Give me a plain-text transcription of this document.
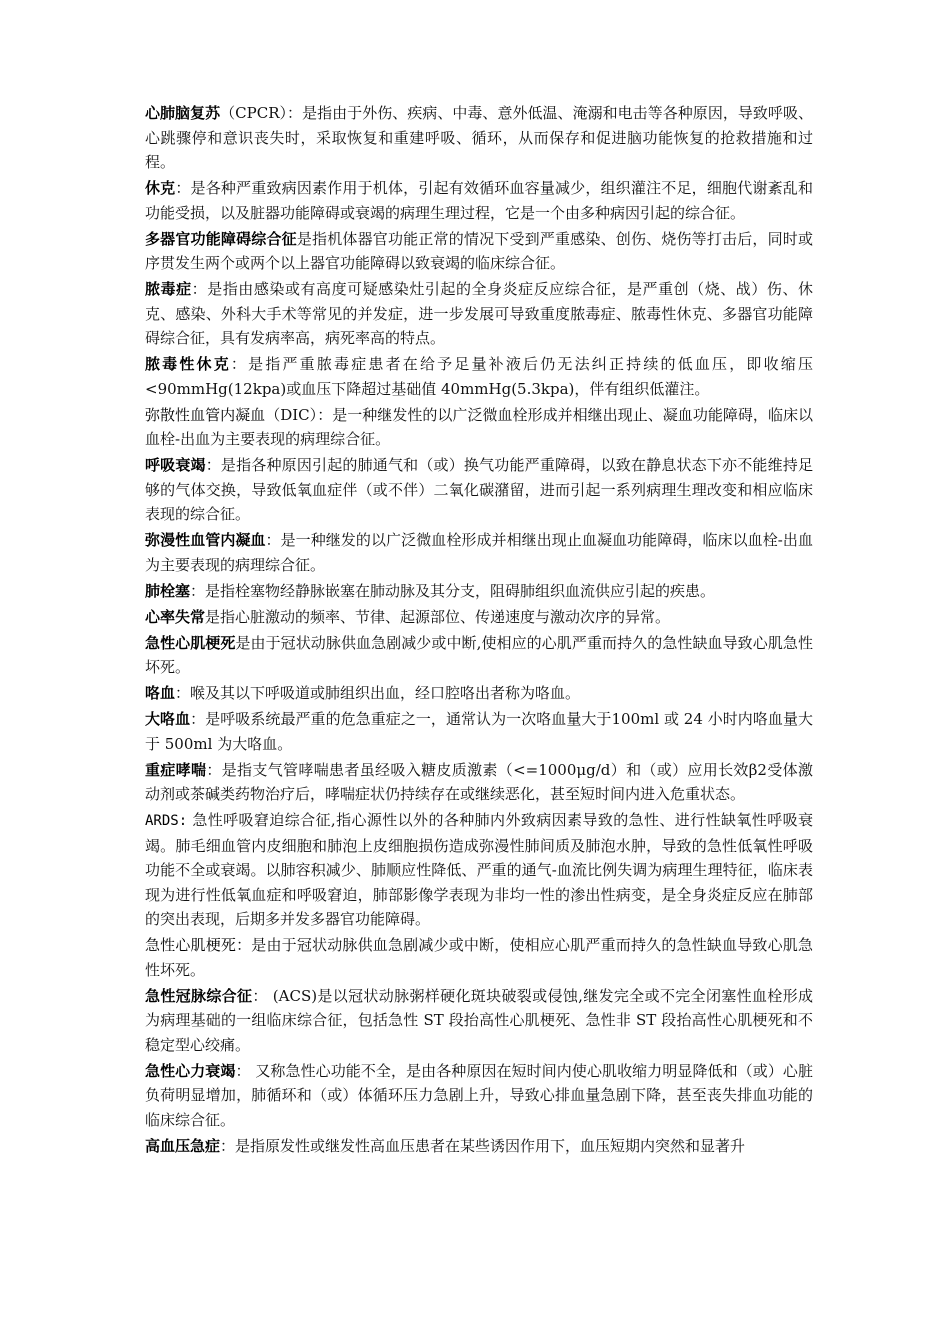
心肺脑复苏（CPCR）：是指由于外伤、疾病、中毒、意外低温、淹溺和电击等各种原因，导致呼吸、心跳骤停和意识丧失时，采取恢复和重建呼吸、循环，从而保存和促进脑功能恢复的抢救措施和过程。

休克：是各种严重致病因素作用于机体，引起有效循环血容量减少，组织灌注不足，细胞代谢紊乱和功能受损，以及脏器功能障碍或衰竭的病理生理过程，它是一个由多种病因引起的综合征。

多器官功能障碍综合征是指机体器官功能正常的情况下受到严重感染、创伤、烧伤等打击后，同时或序贯发生两个或两个以上器官功能障碍以致衰竭的临床综合征。

脓毒症：是指由感染或有高度可疑感染灶引起的全身炎症反应综合征，是严重创（烧、战）伤、休克、感染、外科大手术等常见的并发症，进一步发展可导致重度脓毒症、脓毒性休克、多器官功能障碍综合征，具有发病率高，病死率高的特点。

脓毒性休克：是指严重脓毒症患者在给予足量补液后仍无法纠正持续的低血压，即收缩压<90mmHg(12kpa)或血压下降超过基础值 40mmHg(5.3kpa)，伴有组织低灌注。

弥散性血管内凝血（DIC）：是一种继发性的以广泛微血栓形成并相继出现止、凝血功能障碍，临床以血栓-出血为主要表现的病理综合征。

呼吸衰竭：是指各种原因引起的肺通气和（或）换气功能严重障碍，以致在静息状态下亦不能维持足够的气体交换，导致低氧血症伴（或不伴）二氧化碳潴留，进而引起一系列病理生理改变和相应临床表现的综合征。

弥漫性血管内凝血：是一种继发的以广泛微血栓形成并相继出现止血凝血功能障碍，临床以血栓-出血为主要表现的病理综合征。

肺栓塞：是指栓塞物经静脉嵌塞在肺动脉及其分支，阻碍肺组织血流供应引起的疾患。

心率失常是指心脏激动的频率、节律、起源部位、传递速度与激动次序的异常。

急性心肌梗死是由于冠状动脉供血急剧减少或中断,使相应的心肌严重而持久的急性缺血导致心肌急性坏死。

咯血：喉及其以下呼吸道或肺组织出血，经口腔咯出者称为咯血。

大咯血：是呼吸系统最严重的危急重症之一，通常认为一次咯血量大于100ml 或 24 小时内咯血量大于 500ml 为大咯血。

重症哮喘：是指支气管哮喘患者虽经吸入糖皮质激素（<=1000μg/d）和（或）应用长效β2受体激动剂或茶碱类药物治疗后，哮喘症状仍持续存在或继续恶化，甚至短时间内进入危重状态。

ARDS: 急性呼吸窘迫综合征,指心源性以外的各种肺内外致病因素导致的急性、进行性缺氧性呼吸衰竭。肺毛细血管内皮细胞和肺泡上皮细胞损伤造成弥漫性肺间质及肺泡水肿，导致的急性低氧性呼吸功能不全或衰竭。以肺容积减少、肺顺应性降低、严重的通气-血流比例失调为病理生理特征，临床表现为进行性低氧血症和呼吸窘迫，肺部影像学表现为非均一性的渗出性病变，是全身炎症反应在肺部的突出表现，后期多并发多器官功能障碍。

急性心肌梗死：是由于冠状动脉供血急剧减少或中断，使相应心肌严重而持久的急性缺血导致心肌急性坏死。

急性冠脉综合征： (ACS)是以冠状动脉粥样硬化斑块破裂或侵蚀,继发完全或不完全闭塞性血栓形成为病理基础的一组临床综合征，包括急性 ST 段抬高性心肌梗死、急性非 ST 段抬高性心肌梗死和不稳定型心绞痛。

急性心力衰竭： 又称急性心功能不全，是由各种原因在短时间内使心肌收缩力明显降低和（或）心脏负荷明显增加，肺循环和（或）体循环压力急剧上升，导致心排血量急剧下降，甚至丧失排血功能的临床综合征。

高血压急症：是指原发性或继发性高血压患者在某些诱因作用下，血压短期内突然和显著升
